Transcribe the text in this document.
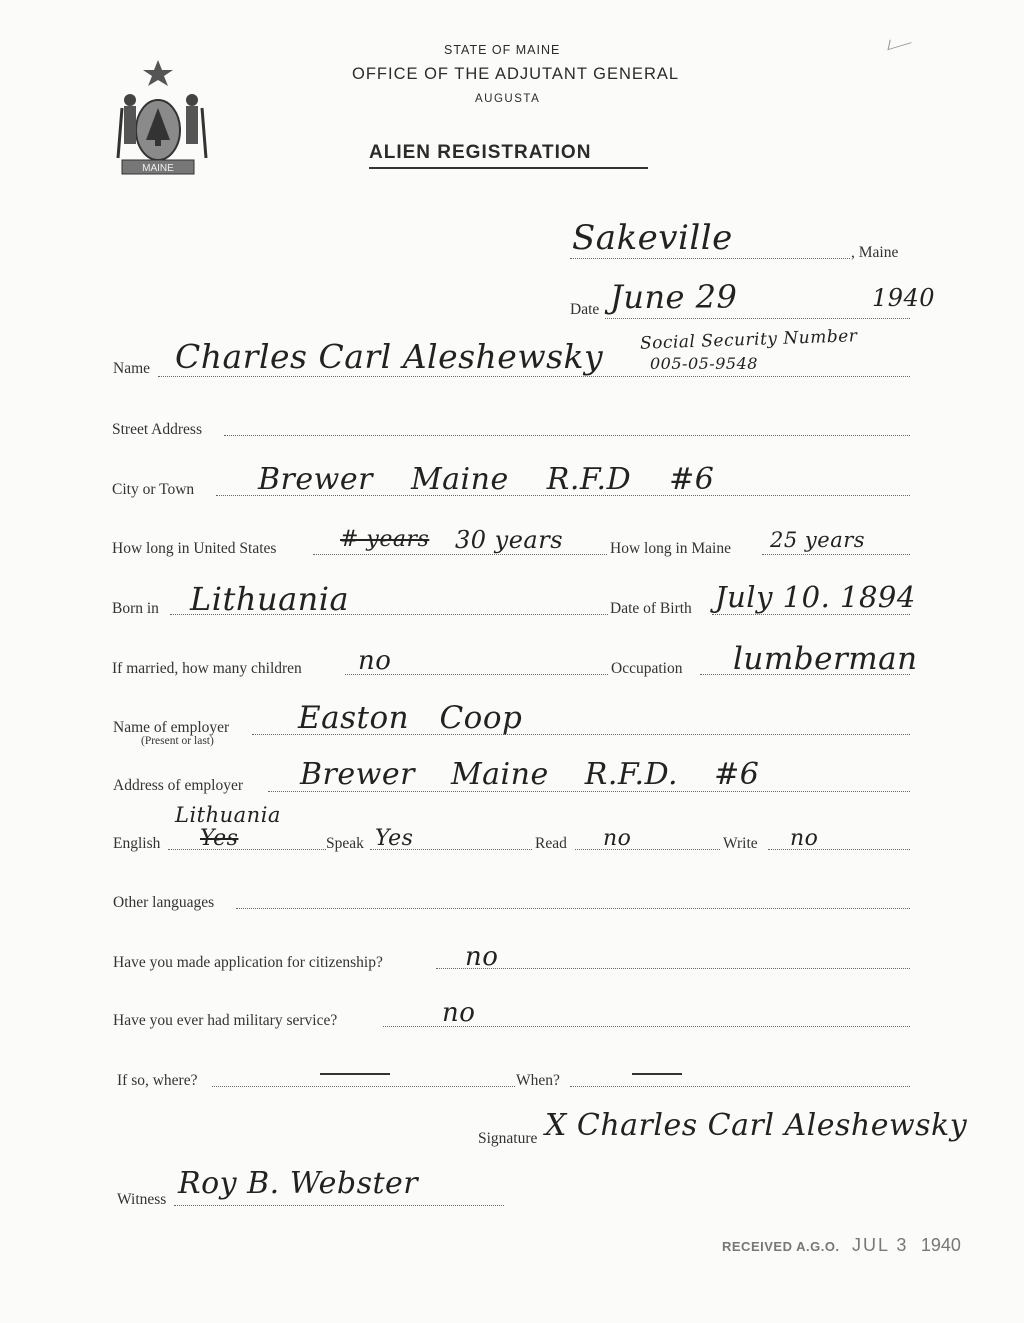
MAINE
STATE OF MAINE
OFFICE OF THE ADJUTANT GENERAL
AUGUSTA
ALIEN REGISTRATION
Sakeville	, Maine
Date June 29	1940
Name Charles Carl Aleshewsky Social Security Number
005-05-9548
Street Address
City or Town Brewer Maine R.F.D #6
How long in United States	# years 30 years	How long in Maine 25 years
Born in Lithuania	Date of Birth July 10. 1894
If married, how many children no	Occupation lumberman
Name of employer
(Present or last)
Easton Coop
Address of employer Brewer Maine R.F.D. #6
Lithuania
English Yes	Speak Yes	Read no	Write no
Other languages
Have you made application for citizenship?	no
Have you ever had military service?	no
If so, where?	When?
Signature X Charles Carl Aleshewsky
Witness Roy B. Webster
RECEIVED A.G.O. JUL 3 1940
